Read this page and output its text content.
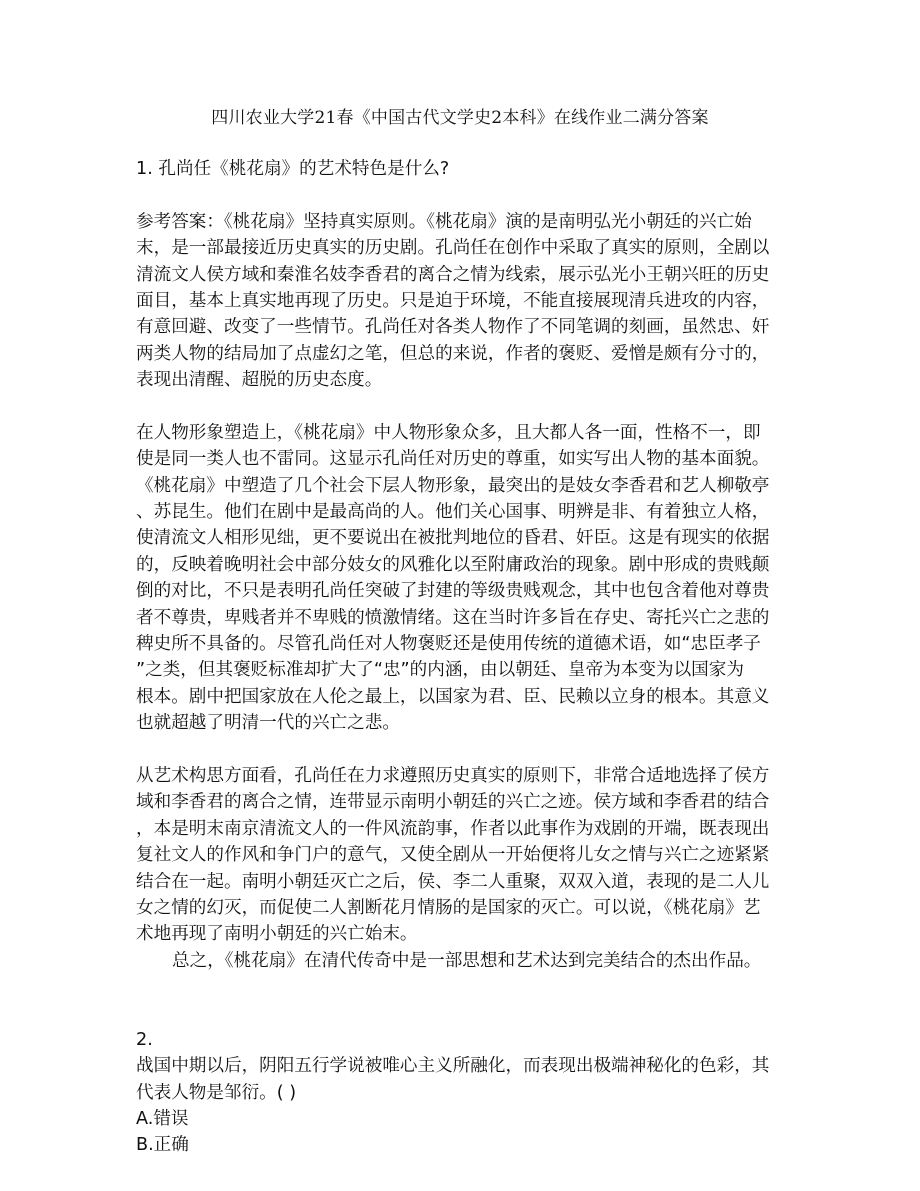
四川农业大学21春《中国古代文学史2本科》在线作业二满分答案
1. 孔尚任《桃花扇》的艺术特色是什么?
参考答案：《桃花扇》坚持真实原则。《桃花扇》演的是南明弘光小朝廷的兴亡始
末，是一部最接近历史真实的历史剧。孔尚任在创作中采取了真实的原则，全剧以
清流文人侯方域和秦淮名妓李香君的离合之情为线索，展示弘光小王朝兴旺的历史
面目，基本上真实地再现了历史。只是迫于环境，不能直接展现清兵进攻的内容，
有意回避、改变了一些情节。孔尚任对各类人物作了不同笔调的刻画，虽然忠、奸
两类人物的结局加了点虚幻之笔，但总的来说，作者的褒贬、爱憎是颇有分寸的，
表现出清醒、超脱的历史态度。
在人物形象塑造上，《桃花扇》中人物形象众多，且大都人各一面，性格不一，即
使是同一类人也不雷同。这显示孔尚任对历史的尊重，如实写出人物的基本面貌。
《桃花扇》中塑造了几个社会下层人物形象，最突出的是妓女李香君和艺人柳敬亭
、苏昆生。他们在剧中是最高尚的人。他们关心国事、明辨是非、有着独立人格，
使清流文人相形见绌，更不要说出在被批判地位的昏君、奸臣。这是有现实的依据
的，反映着晚明社会中部分妓女的风雅化以至附庸政治的现象。剧中形成的贵贱颠
倒的对比，不只是表明孔尚任突破了封建的等级贵贱观念，其中也包含着他对尊贵
者不尊贵，卑贱者并不卑贱的愤激情绪。这在当时许多旨在存史、寄托兴亡之悲的
稗史所不具备的。尽管孔尚任对人物褒贬还是使用传统的道德术语，如“忠臣孝子
”之类，但其褒贬标准却扩大了“忠”的内涵，由以朝廷、皇帝为本变为以国家为
根本。剧中把国家放在人伦之最上，以国家为君、臣、民赖以立身的根本。其意义
也就超越了明清一代的兴亡之悲。
从艺术构思方面看，孔尚任在力求遵照历史真实的原则下，非常合适地选择了侯方
域和李香君的离合之情，连带显示南明小朝廷的兴亡之迹。侯方域和李香君的结合
，本是明末南京清流文人的一件风流韵事，作者以此事作为戏剧的开端，既表现出
复社文人的作风和争门户的意气，又使全剧从一开始便将儿女之情与兴亡之迹紧紧
结合在一起。南明小朝廷灭亡之后，侯、李二人重聚，双双入道，表现的是二人儿
女之情的幻灭，而促使二人割断花月情肠的是国家的灭亡。可以说，《桃花扇》艺
术地再现了南明小朝廷的兴亡始末。
总之，《桃花扇》在清代传奇中是一部思想和艺术达到完美结合的杰出作品。
2.
战国中期以后，阴阳五行学说被唯心主义所融化，而表现出极端神秘化的色彩，其
代表人物是邹衍。( )
A.错误
B.正确
